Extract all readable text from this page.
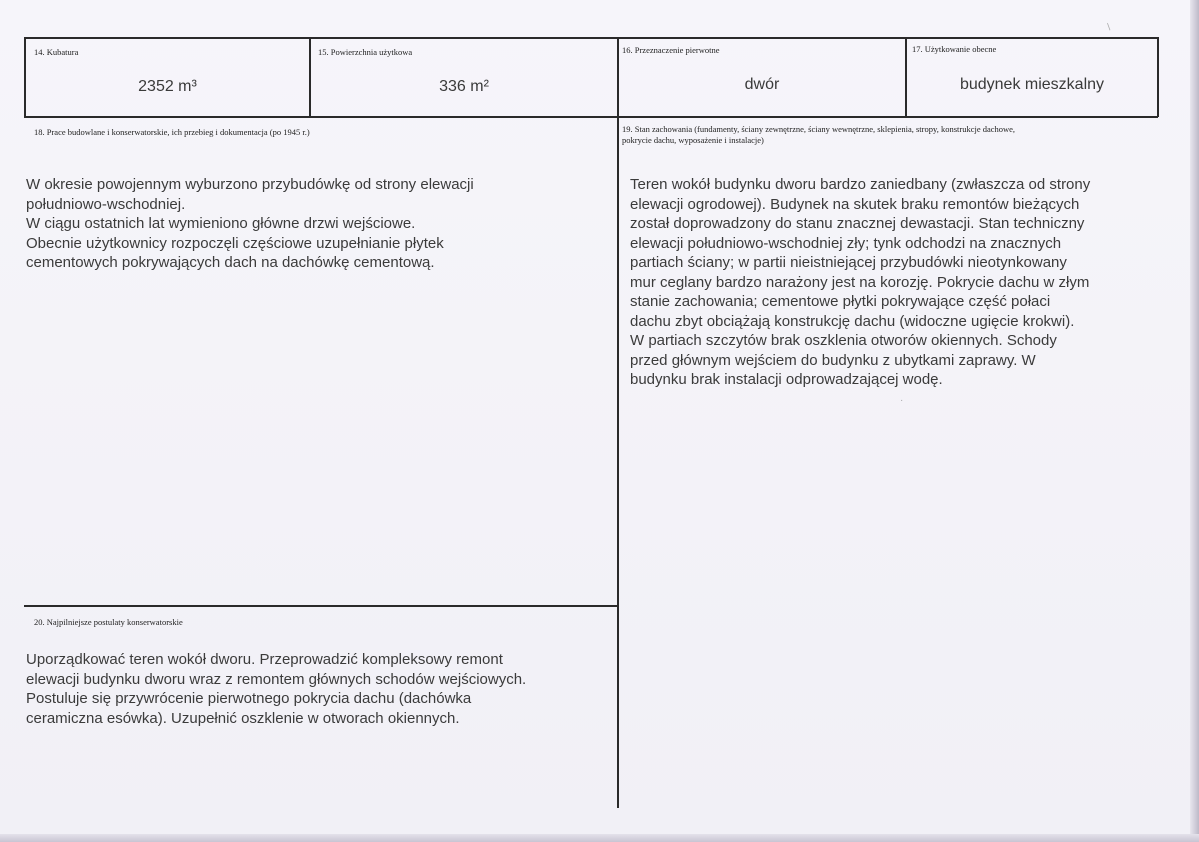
14. Kubatura
2352 m³
15. Powierzchnia użytkowa
336 m²
16. Przeznaczenie pierwotne
dwór
17. Użytkowanie obecne
budynek mieszkalny
18. Prace budowlane i konserwatorskie, ich przebieg i dokumentacja (po 1945 r.)
W okresie powojennym wyburzono przybudówkę od strony elewacji
południowo-wschodniej.
W ciągu ostatnich lat wymieniono główne drzwi wejściowe.
Obecnie użytkownicy rozpoczęli częściowe uzupełnianie płytek
cementowych pokrywających dach na dachówkę cementową.
19. Stan zachowania (fundamenty, ściany zewnętrzne, ściany wewnętrzne, sklepienia, stropy, konstrukcje dachowe,
pokrycie dachu, wyposażenie i instalacje)
Teren wokół budynku dworu bardzo zaniedbany (zwłaszcza od strony
elewacji ogrodowej). Budynek na skutek braku remontów bieżących
został doprowadzony do stanu znacznej dewastacji. Stan techniczny
elewacji południowo-wschodniej zły; tynk odchodzi na znacznych
partiach ściany; w partii nieistniejącej przybudówki nieotynkowany
mur ceglany bardzo narażony jest na korozję. Pokrycie dachu w złym
stanie zachowania; cementowe płytki pokrywające część połaci
dachu zbyt obciążają konstrukcję dachu (widoczne ugięcie krokwi).
W partiach szczytów brak oszklenia otworów okiennych. Schody
przed głównym wejściem do budynku z ubytkami zaprawy. W
budynku brak instalacji odprowadzającej wodę.
20. Najpilniejsze postulaty konserwatorskie
Uporządkować teren wokół dworu. Przeprowadzić kompleksowy remont
elewacji budynku dworu wraz z remontem głównych schodów wejściowych.
Postuluje się przywrócenie pierwotnego pokrycia dachu (dachówka
ceramiczna esówka). Uzupełnić oszklenie w otworach okiennych.
/
·
